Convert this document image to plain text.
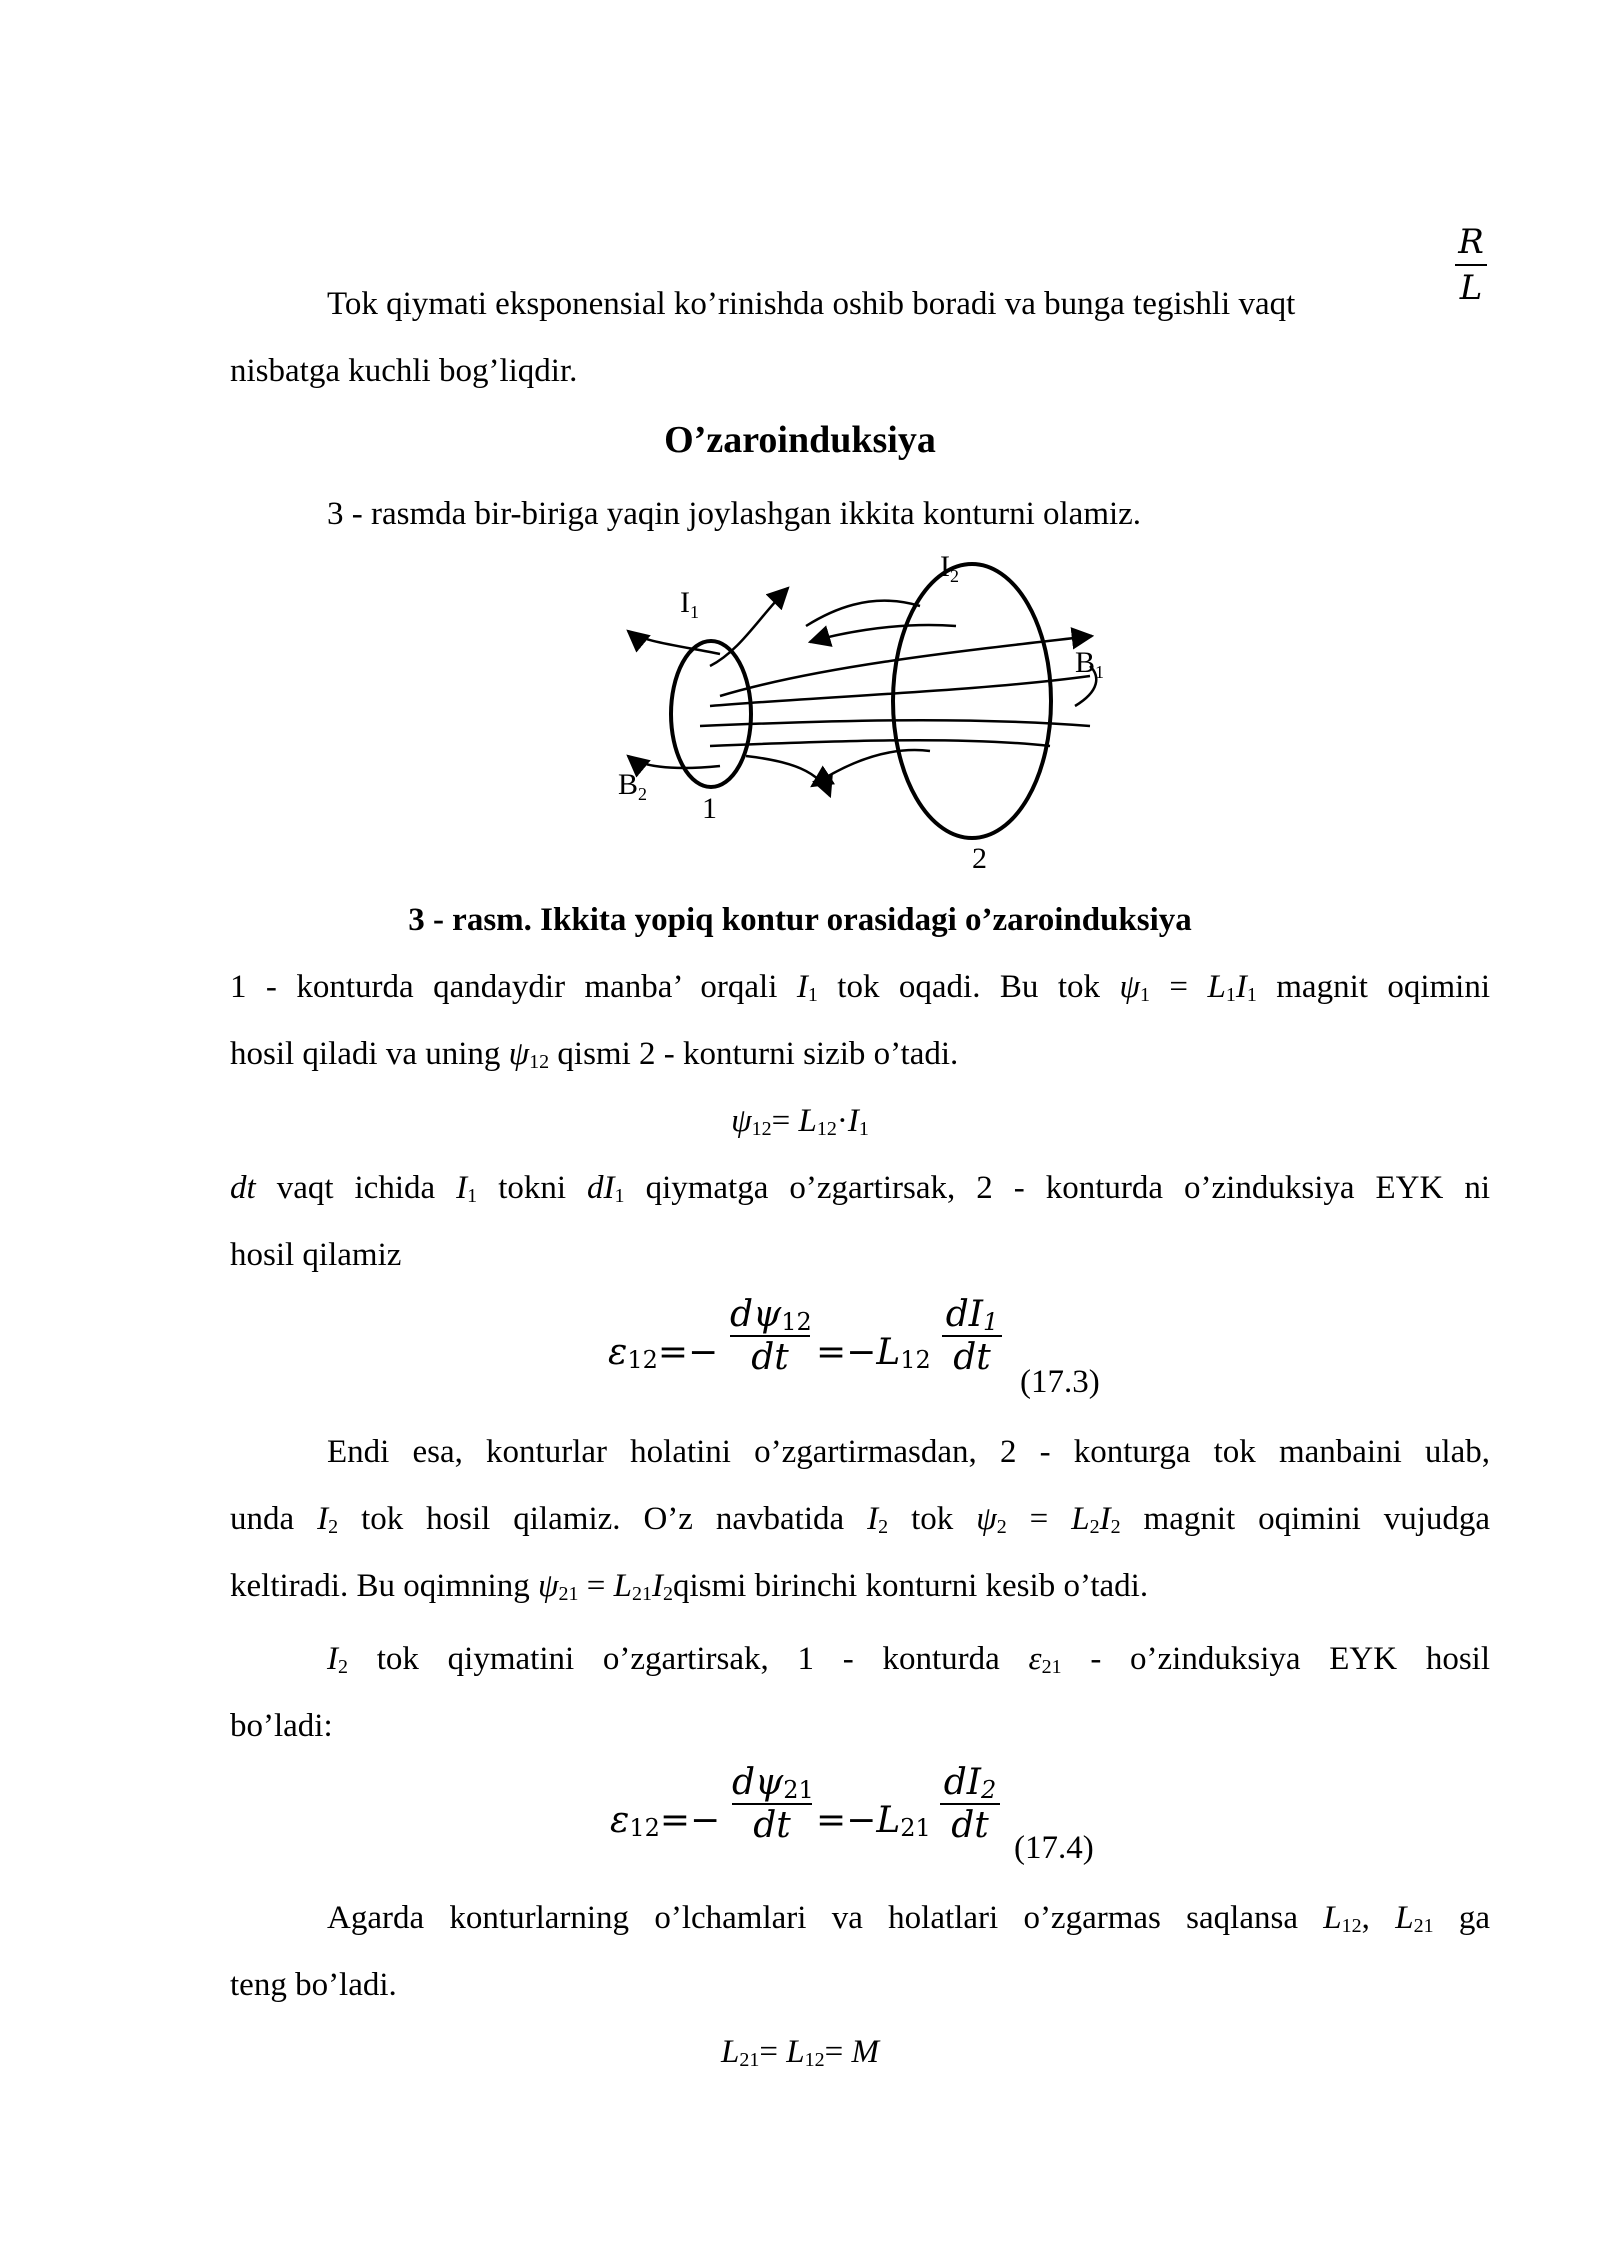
Tok qiymati eksponensial ko’rinishda oshib boradi va bunga tegishli vaqt
R
L
nisbatga kuchli bog’liqdir.
O’zaroinduksiya
3 - rasmda bir-biriga yaqin joylashgan ikkita konturni olamiz.
$I_1$
$I_2$
$B_1$
$B_2$ 1
2
3 - rasm. Ikkita yopiq kontur orasidagi o’zaroinduksiya
1 - konturda qandaydir manba’ orqali $I_1$ tok oqadi. Bu tok $\psi_1 = L_1I_1$ magnit oqimini
hosil qiladi va uning $\psi_{12}$ qismi 2 - konturni sizib o’tadi.
$\psi_{12}= L_{12}\cdot I_1$
dt vaqt ichida $I_1$ tokni $dI_1$ qiymatga o’zgartirsak, 2 - konturda o’zinduksiya EYK ni
hosil qilamiz
$\varepsilon_{12}=-$
$d\psi_{12}$
dt $=-L_{12}$
$dI_1$
dt
(17.3)
Endi esa, konturlar holatini o’zgartirmasdan, 2 - konturga tok manbaini ulab,
unda $I_2$ tok hosil qilamiz. O’z navbatida $I_2$ tok $\psi_2 = L_2I_2$ magnit oqimini vujudga
keltiradi. Bu oqimning $\psi_{21}$ = $L_{21}I_2qismi$ birinchi konturni kesib o’tadi.
$I_2$ tok qiymatini o’zgartirsak, 1 - konturda $\varepsilon_{21}$ - o’zinduksiya EYK hosil
bo’ladi:
$\varepsilon_{12}=-$
$d\psi_{21}$
dt $=-L_{21}$
$dI_2$
dt
(17.4)
Agarda konturlarning o’lchamlari va holatlari o’zgarmas saqlansa $L_{12}$, $L_{21}$ ga
teng bo’ladi.
$L_{21}= L_{12}= M$
